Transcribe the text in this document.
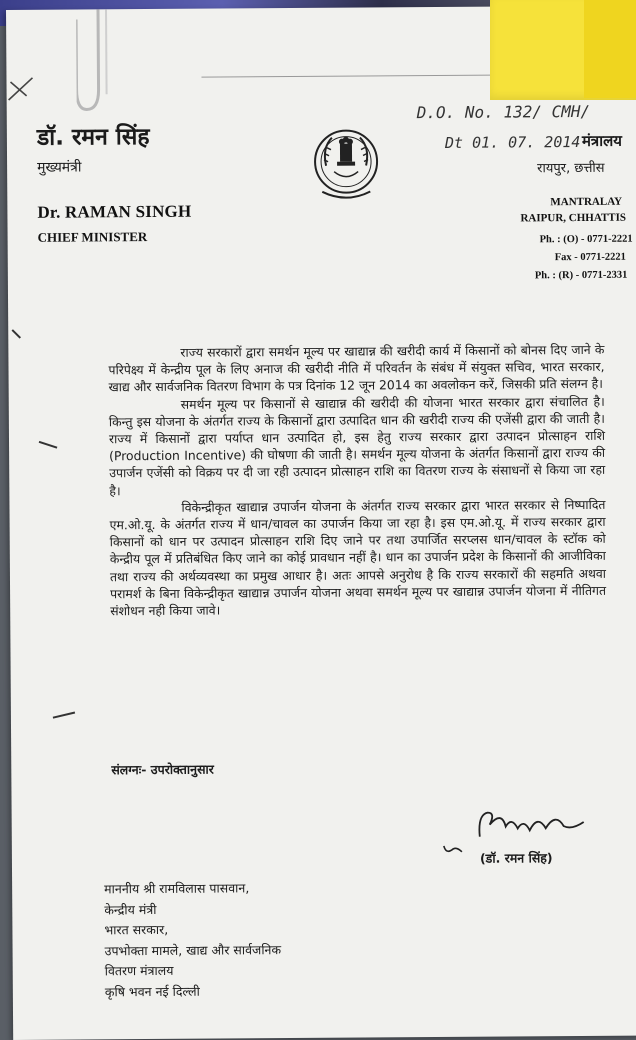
डॉ. रमन सिंह
मुख्यमंत्री
Dr. RAMAN SINGH
CHIEF MINISTER
D.O. No. 132/ CMH/
Dt 01. 07. 2014 मंत्रालय
रायपुर, छत्तीस
MANTRALAY
RAIPUR, CHHATTIS
Ph. : (O) - 0771-2221
Fax - 0771-2221
Ph. : (R) - 0771-2331

राज्य सरकारों द्वारा समर्थन मूल्य पर खाद्यान्न की खरीदी कार्य में किसानों को बोनस दिए जाने के परिपेक्ष्य में केन्द्रीय पूल के लिए अनाज की खरीदी नीति में परिवर्तन के संबंध में संयुक्त सचिव, भारत सरकार, खाद्य और सार्वजनिक वितरण विभाग के पत्र दिनांक 12 जून 2014 का अवलोकन करें, जिसकी प्रति संलग्न है।

समर्थन मूल्य पर किसानों से खाद्यान्न की खरीदी की योजना भारत सरकार द्वारा संचालित है। किन्तु इस योजना के अंतर्गत राज्य के किसानों द्वारा उत्पादित धान की खरीदी राज्य की एजेंसी द्वारा की जाती है। राज्य में किसानों द्वारा पर्याप्त धान उत्पादित हो, इस हेतु राज्य सरकार द्वारा उत्पादन प्रोत्साहन राशि (Production Incentive) की घोषणा की जाती है। समर्थन मूल्य योजना के अंतर्गत किसानों द्वारा राज्य की उपार्जन एजेंसी को विक्रय पर दी जा रही उत्पादन प्रोत्साहन राशि का वितरण राज्य के संसाधनों से किया जा रहा है।

विकेन्द्रीकृत खाद्यान्न उपार्जन योजना के अंतर्गत राज्य सरकार द्वारा भारत सरकार से निष्पादित एम.ओ.यू. के अंतर्गत राज्य में धान/चावल का उपार्जन किया जा रहा है। इस एम.ओ.यू. में राज्य सरकार द्वारा किसानों को धान पर उत्पादन प्रोत्साहन राशि दिए जाने पर तथा उपार्जित सरप्लस धान/चावल के स्टॉक को केन्द्रीय पूल में प्रतिबंधित किए जाने का कोई प्रावधान नहीं है। धान का उपार्जन प्रदेश के किसानों की आजीविका तथा राज्य की अर्थव्यवस्था का प्रमुख आधार है। अतः आपसे अनुरोध है कि राज्य सरकारों की सहमति अथवा परामर्श के बिना विकेन्द्रीकृत खाद्यान्न उपार्जन योजना अथवा समर्थन मूल्य पर खाद्यान्न उपार्जन योजना में नीतिगत संशोधन नही किया जावे।

संलग्नः- उपरोक्तानुसार
(डॉ. रमन सिंह)
माननीय श्री रामविलास पासवान,
केन्द्रीय मंत्री
भारत सरकार,
उपभोक्ता मामले, खाद्य और सार्वजनिक
वितरण मंत्रालय
कृषि भवन नई दिल्ली
